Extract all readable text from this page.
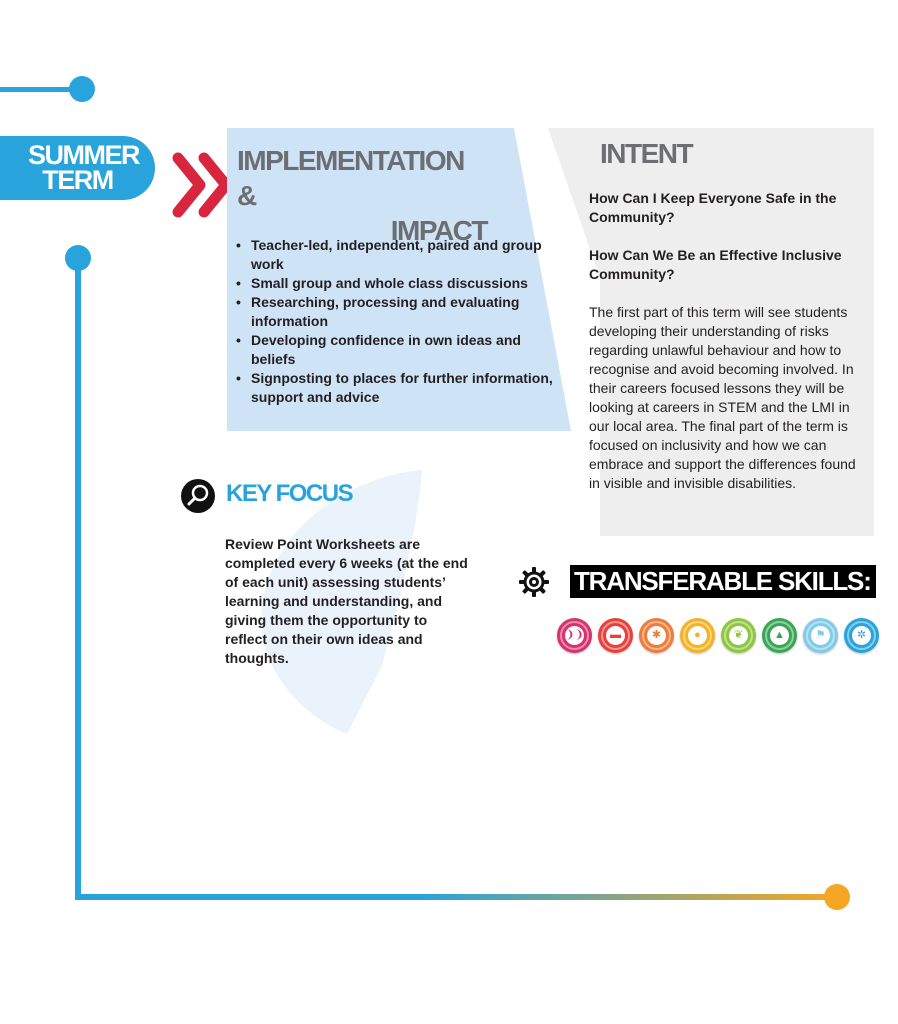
SUMMER
TERM
IMPLEMENTATION &
IMPACT
• Teacher-led, independent, paired and group work
• Small group and whole class discussions
• Researching, processing and evaluating information
• Developing confidence in own ideas and beliefs
• Signposting to places for further information, support and advice
INTENT
How Can I Keep Everyone Safe in the Community?
How Can We Be an Effective Inclusive Community?
The first part of this term will see students developing their understanding of risks regarding unlawful behaviour and how to recognise and avoid becoming involved. In their careers focused lessons they will be looking at careers in STEM and the LMI in our local area. The final part of the term is focused on inclusivity and how we can embrace and support the differences found in visible and invisible disabilities.
KEY FOCUS
Review Point Worksheets are completed every 6 weeks (at the end of each unit) assessing students’ learning and understanding, and giving them the opportunity to reflect on their own ideas and thoughts.
TRANSFERABLE SKILLS:
❩❩	▬	✱	●	❦	▲	⚑	✲
